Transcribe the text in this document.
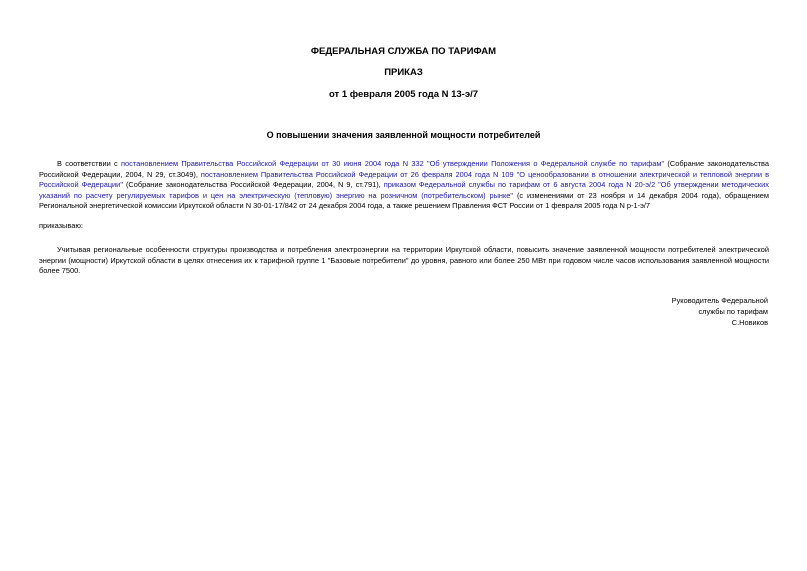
ФЕДЕРАЛЬНАЯ СЛУЖБА ПО ТАРИФАМ
ПРИКАЗ
от 1 февраля 2005 года N 13-э/7
О повышении значения заявленной мощности потребителей

В соответствии с постановлением Правительства Российской Федерации от 30 июня 2004 года N 332 "Об утверждении Положения о Федеральной службе по тарифам" (Собрание законодательства Российской Федерации, 2004, N 29, ст.3049), постановлением Правительства Российской Федерации от 26 февраля 2004 года N 109 "О ценообразовании в отношении электрической и тепловой энергии в Российской Федерации" (Собрание законодательства Российской Федерации, 2004, N 9, ст.791), приказом Федеральной службы по тарифам от 6 августа 2004 года N 20-э/2 "Об утверждении методических указаний по расчету регулируемых тарифов и цен на электрическую (тепловую) энергию на розничном (потребительском) рынке" (с изменениями от 23 ноября и 14 декабря 2004 года), обращением Региональной энергетической комиссии Иркутской области N 30-01-17/842 от 24 декабря 2004 года, а также решением Правления ФСТ России от 1 февраля 2005 года N р-1-э/7

приказываю:

Учитывая региональные особенности структуры производства и потребления электроэнергии на территории Иркутской области, повысить значение заявленной мощности потребителей электрической энергии (мощности) Иркутской области в целях отнесения их к тарифной группе 1 "Базовые потребители" до уровня, равного или более 250 МВт при годовом числе часов использования заявленной мощности более 7500.

Руководитель Федеральной
службы по тарифам
С.Новиков
